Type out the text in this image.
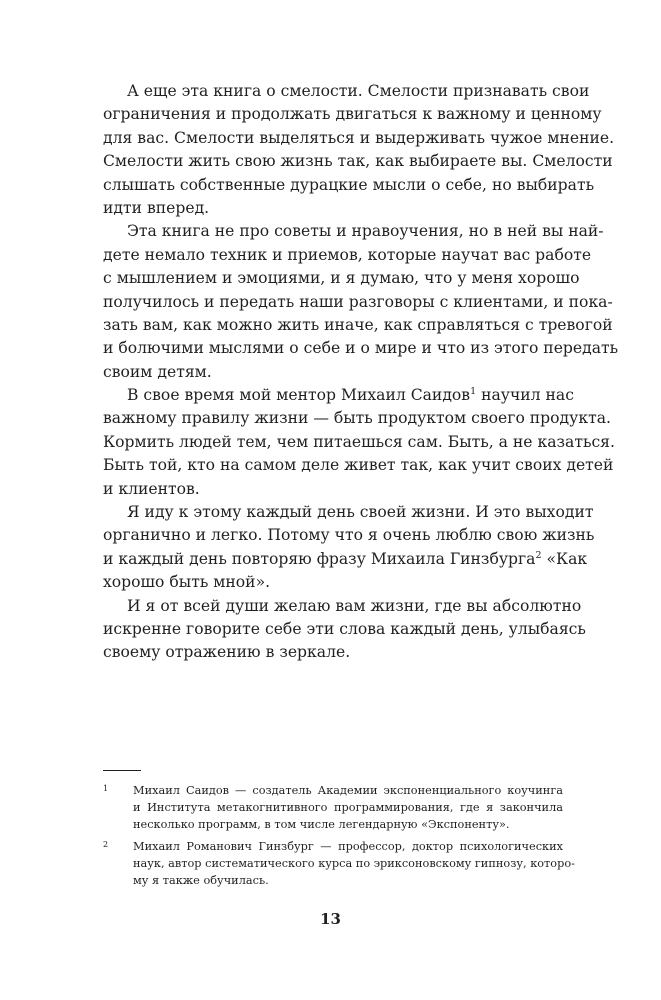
А еще эта книга о смелости. Смелости признавать свои
ограничения и продолжать двигаться к важному и ценному
для вас. Смелости выделяться и выдерживать чужое мнение.
Смелости жить свою жизнь так, как выбираете вы. Смелости
слышать собственные дурацкие мысли о себе, но выбирать
идти вперед.
Эта книга не про советы и нравоучения, но в ней вы най-
дете немало техник и приемов, которые научат вас работе
с мышлением и эмоциями, и я думаю, что у меня хорошо
получилось и передать наши разговоры с клиентами, и пока-
зать вам, как можно жить иначе, как справляться с тревогой
и болючими мыслями о себе и о мире и что из этого передать
своим детям.
В свое время мой ментор Михаил Саидов$^1$ научил нас
важному правилу жизни — быть продуктом своего продукта.
Кормить людей тем, чем питаешься сам. Быть, а не казаться.
Быть той, кто на самом деле живет так, как учит своих детей
и клиентов.
Я иду к этому каждый день своей жизни. И это выходит
органично и легко. Потому что я очень люблю свою жизнь
и каждый день повторяю фразу Михаила Гинзбурга$^2$ «Как
хорошо быть мной».
И я от всей души желаю вам жизни, где вы абсолютно
искренне говорите себе эти слова каждый день, улыбаясь
своему отражению в зеркале.
1 Михаил Саидов — создатель Академии экспоненциального коучинга
и Института метакогнитивного программирования, где я закончила
несколько программ, в том числе легендарную «Экспоненту».
2 Михаил Романович Гинзбург — профессор, доктор психологических
наук, автор систематического курса по эриксоновскому гипнозу, которо-
му я также обучилась.
13
